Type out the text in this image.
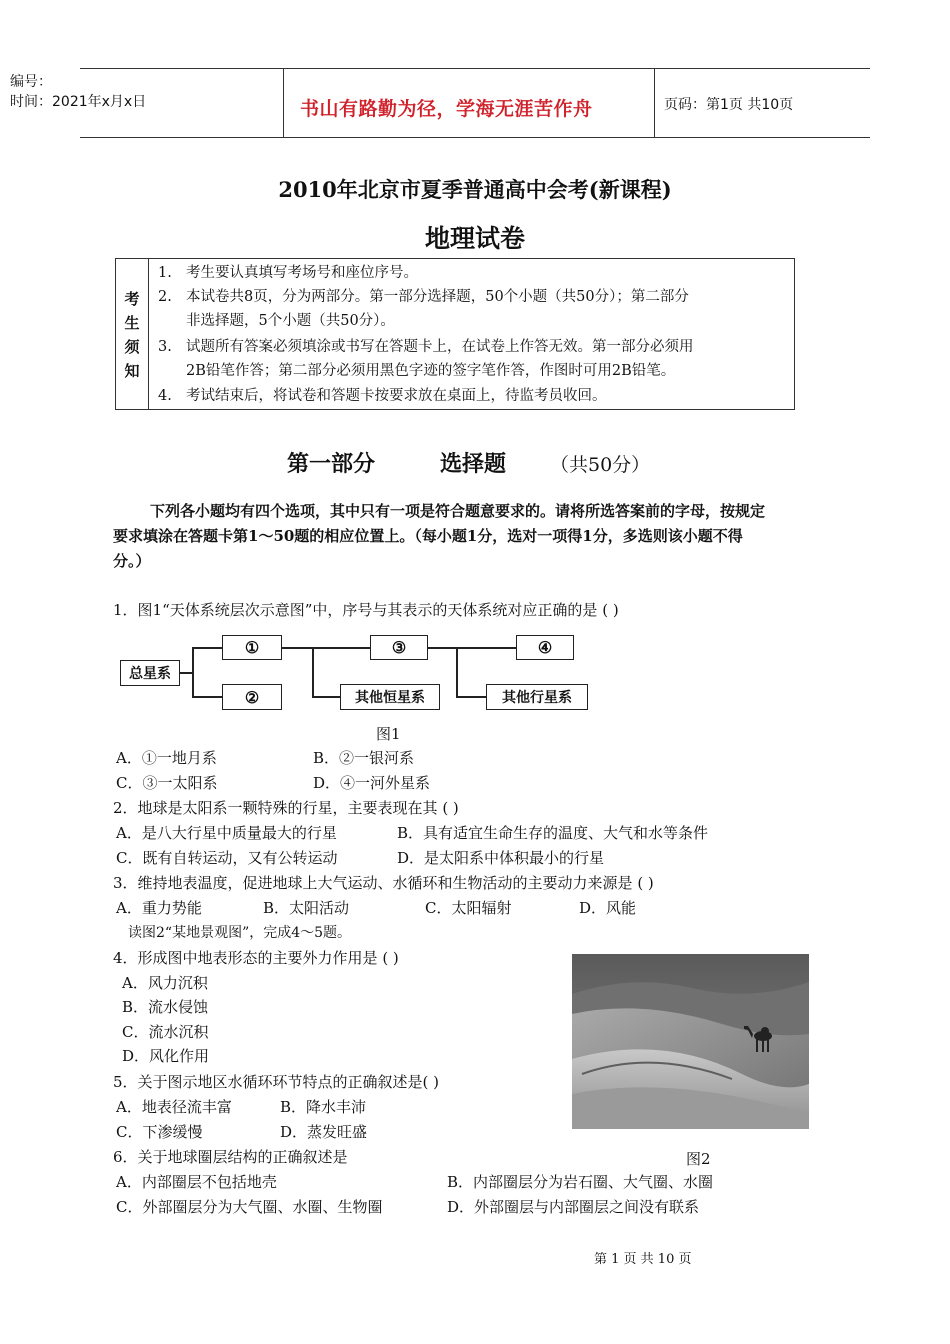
编号：
时间：2021年x月x日	书山有路勤为径，学海无涯苦作舟	页码：第1页 共10页
2010年北京市夏季普通高中会考(新课程)
地理试卷
考
生
须
知
1. 考生要认真填写考场号和座位序号。
2. 本试卷共8页，分为两部分。第一部分选择题，50个小题（共50分）；第二部分
非选择题，5个小题（共50分）。
3. 试题所有答案必须填涂或书写在答题卡上，在试卷上作答无效。第一部分必须用
2B铅笔作答；第二部分必须用黑色字迹的签字笔作答，作图时可用2B铅笔。
4. 考试结束后，将试卷和答题卡按要求放在桌面上，待监考员收回。
第一部分	选择题 （共50分）
下列各小题均有四个选项，其中只有一项是符合题意要求的。请将所选答案前的字母，按规定
要求填涂在答题卡第1～50题的相应位置上。（每小题1分，选对一项得1分，多选则该小题不得
分。）
1．图1“天体系统层次示意图”中，序号与其表示的天体系统对应正确的是 ( )
总星系
①
②
③
其他恒星系
④
其他行星系
图1
A．①一地月系	B．②一银河系
C．③一太阳系	D．④一河外星系
2．地球是太阳系一颗特殊的行星，主要表现在其 ( )
A．是八大行星中质量最大的行星	B．具有适宜生命生存的温度、大气和水等条件
C．既有自转运动，又有公转运动	D．是太阳系中体积最小的行星
3．维持地表温度，促进地球上大气运动、水循环和生物活动的主要动力来源是 ( )
A．重力势能	B．太阳活动	C．太阳辐射	D．风能
读图2“某地景观图”，完成4～5题。
4．形成图中地表形态的主要外力作用是 ( )
A．风力沉积
B．流水侵蚀
C．流水沉积
D．风化作用
图2
5．关于图示地区水循环环节特点的正确叙述是( )
A．地表径流丰富	B．降水丰沛
C．下渗缓慢	D．蒸发旺盛
6．关于地球圈层结构的正确叙述是
A．内部圈层不包括地壳	B．内部圈层分为岩石圈、大气圈、水圈
C．外部圈层分为大气圈、水圈、生物圈	D．外部圈层与内部圈层之间没有联系
第 1 页 共 10 页
